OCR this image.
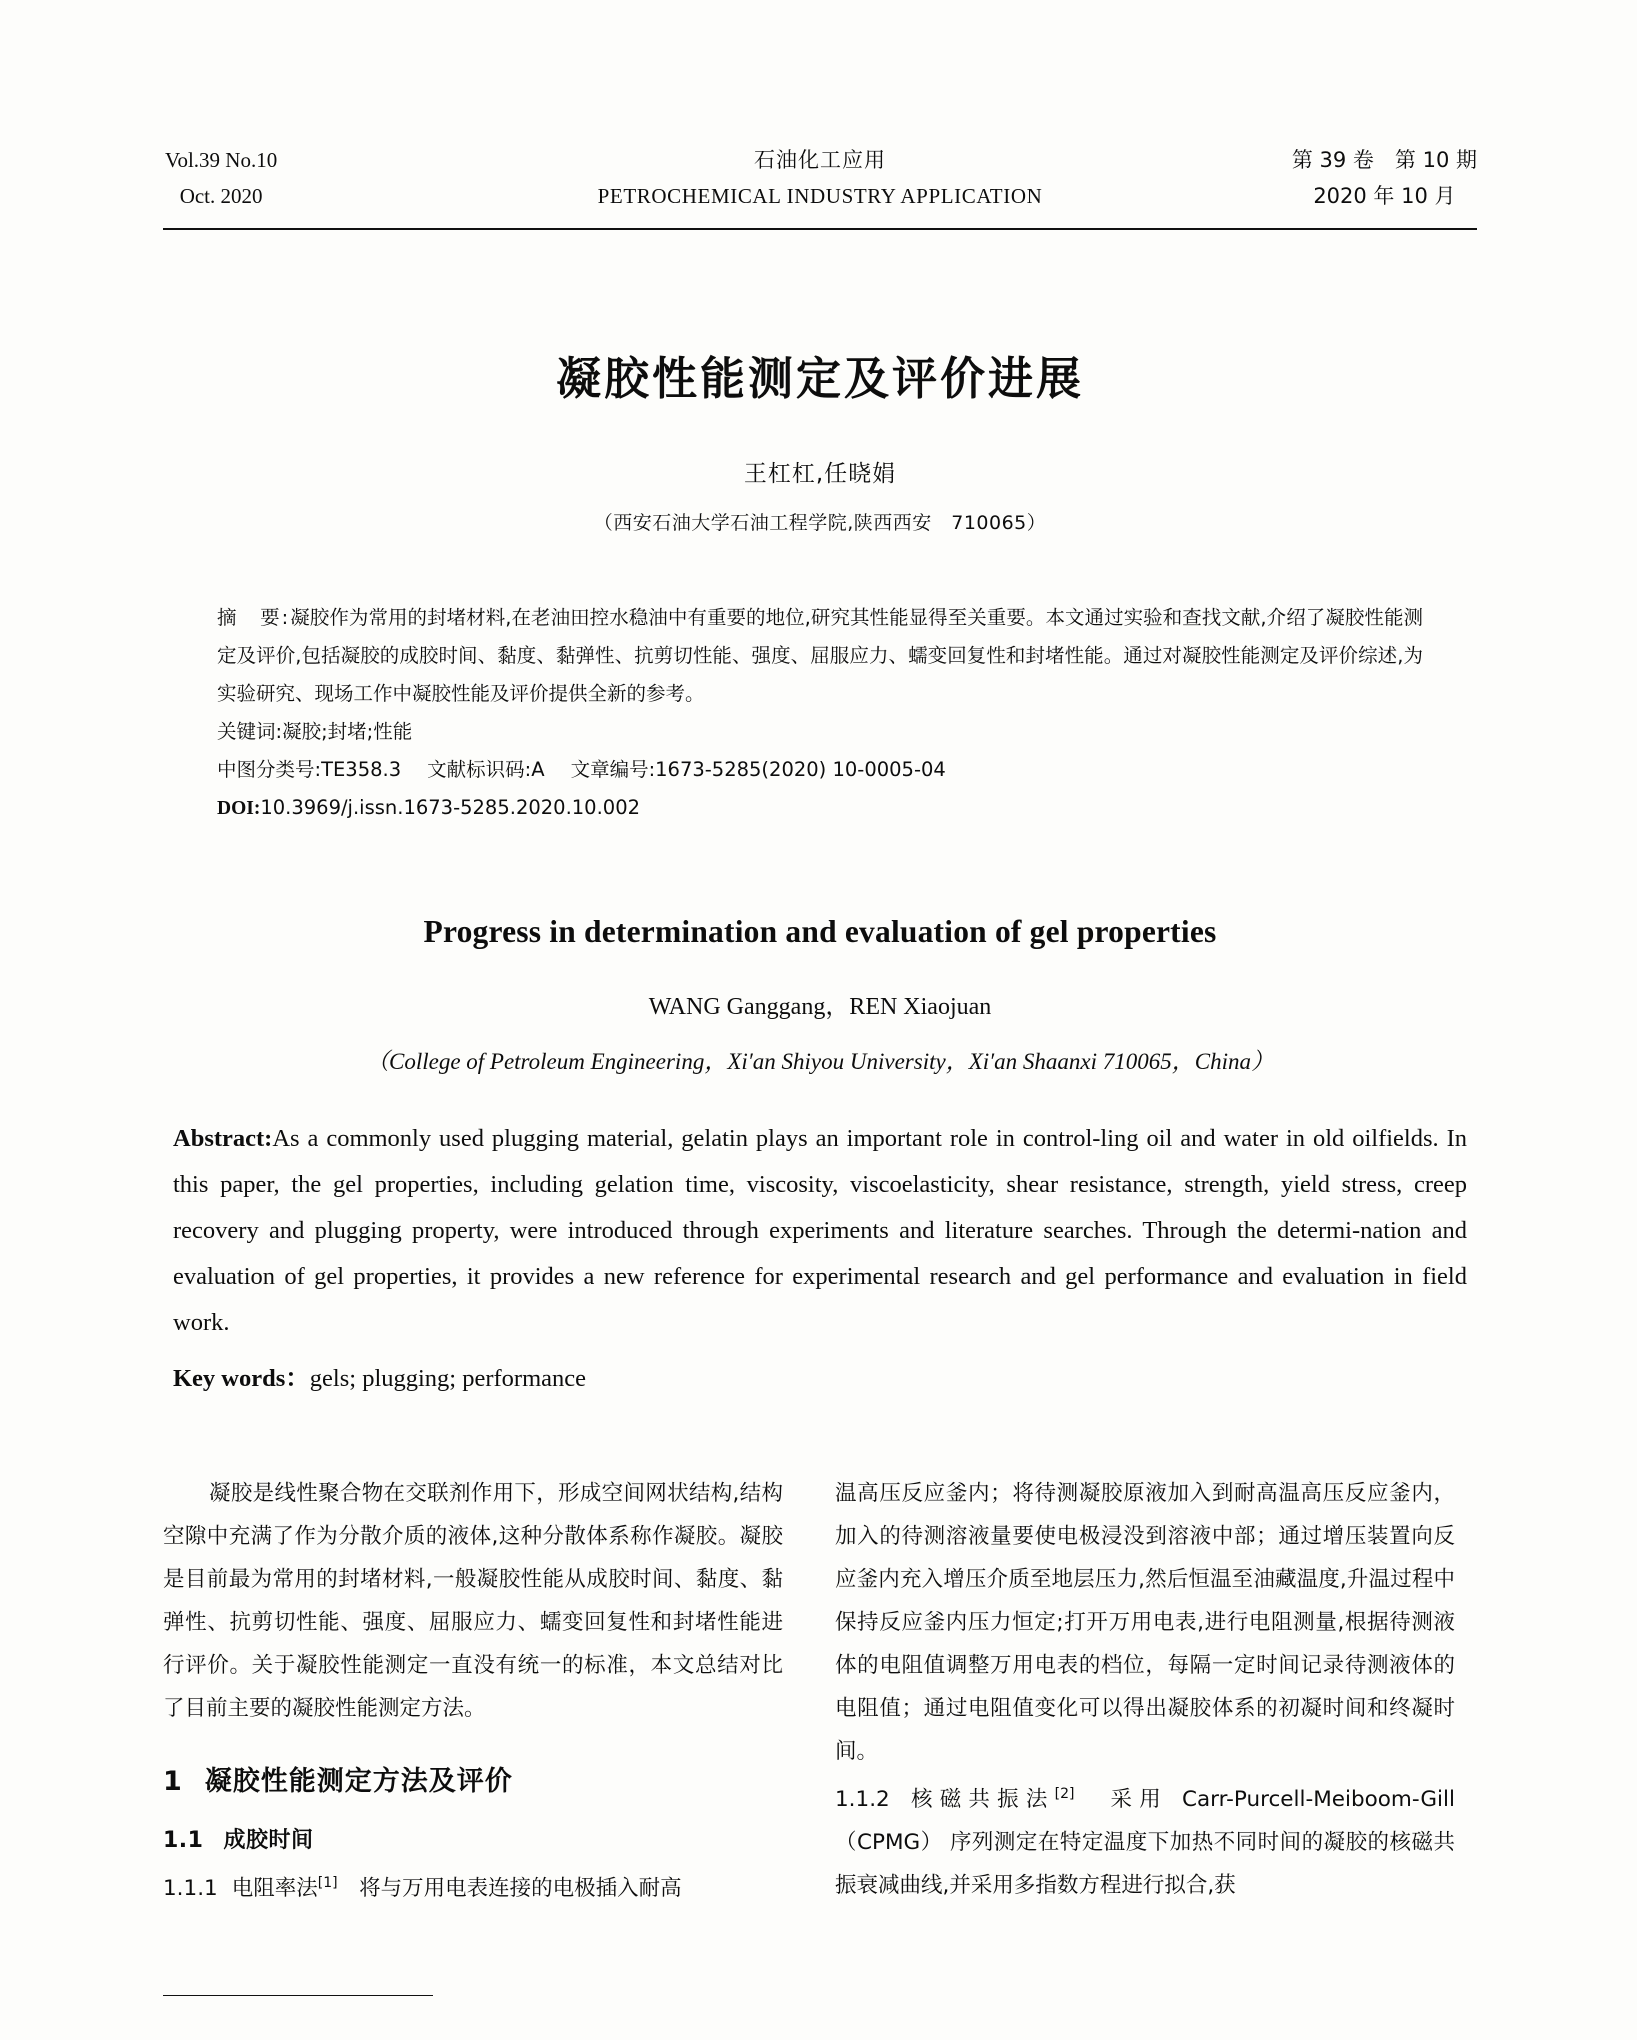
Vol.39 No.10
Oct. 2020
石油化工应用
PETROCHEMICAL INDUSTRY APPLICATION
第 39 卷　第 10 期
2020 年 10 月
凝胶性能测定及评价进展
王杠杠,任晓娟
（西安石油大学石油工程学院,陕西西安　710065）

摘　要:凝胶作为常用的封堵材料,在老油田控水稳油中有重要的地位,研究其性能显得至关重要。本文通过实验和查找文献,介绍了凝胶性能测定及评价,包括凝胶的成胶时间、黏度、黏弹性、抗剪切性能、强度、屈服应力、蠕变回复性和封堵性能。通过对凝胶性能测定及评价综述,为实验研究、现场工作中凝胶性能及评价提供全新的参考。

关键词:凝胶;封堵;性能

中图分类号:TE358.3 文献标识码:A 文章编号:1673-5285(2020) 10-0005-04

DOI:10.3969/j.issn.1673-5285.2020.10.002

Progress in determination and evaluation of gel properties
WANG Ganggang，REN Xiaojuan
（College of Petroleum Engineering，Xi′an Shiyou University，Xi′an Shaanxi 710065，China）
Abstract:As a commonly used plugging material, gelatin plays an important role in control-ling oil and water in old oilfields. In this paper, the gel properties, including gelation time, viscosity, viscoelasticity, shear resistance, strength, yield stress, creep recovery and plugging property, were introduced through experiments and literature searches. Through the determi-nation and evaluation of gel properties, it provides a new reference for experimental research and gel performance and evaluation in field work.
Key words：gels; plugging; performance

凝胶是线性聚合物在交联剂作用下，形成空间网状结构,结构空隙中充满了作为分散介质的液体,这种分散体系称作凝胶。凝胶是目前最为常用的封堵材料,一般凝胶性能从成胶时间、黏度、黏弹性、抗剪切性能、强度、屈服应力、蠕变回复性和封堵性能进行评价。关于凝胶性能测定一直没有统一的标准，本文总结对比了目前主要的凝胶性能测定方法。

1 凝胶性能测定方法及评价
1.1 成胶时间

1.1.1 电阻率法[1]　将与万用电表连接的电极插入耐高

温高压反应釜内；将待测凝胶原液加入到耐高温高压反应釜内，加入的待测溶液量要使电极浸没到溶液中部；通过增压装置向反应釜内充入增压介质至地层压力,然后恒温至油藏温度,升温过程中保持反应釜内压力恒定;打开万用电表,进行电阻测量,根据待测液体的电阻值调整万用电表的档位，每隔一定时间记录待测液体的电阻值；通过电阻值变化可以得出凝胶体系的初凝时间和终凝时间。

1.1.2 核磁共振法[2]　采用 Carr-Purcell-Meiboom-Gill（CPMG） 序列测定在特定温度下加热不同时间的凝胶的核磁共振衰减曲线,并采用多指数方程进行拟合,获
